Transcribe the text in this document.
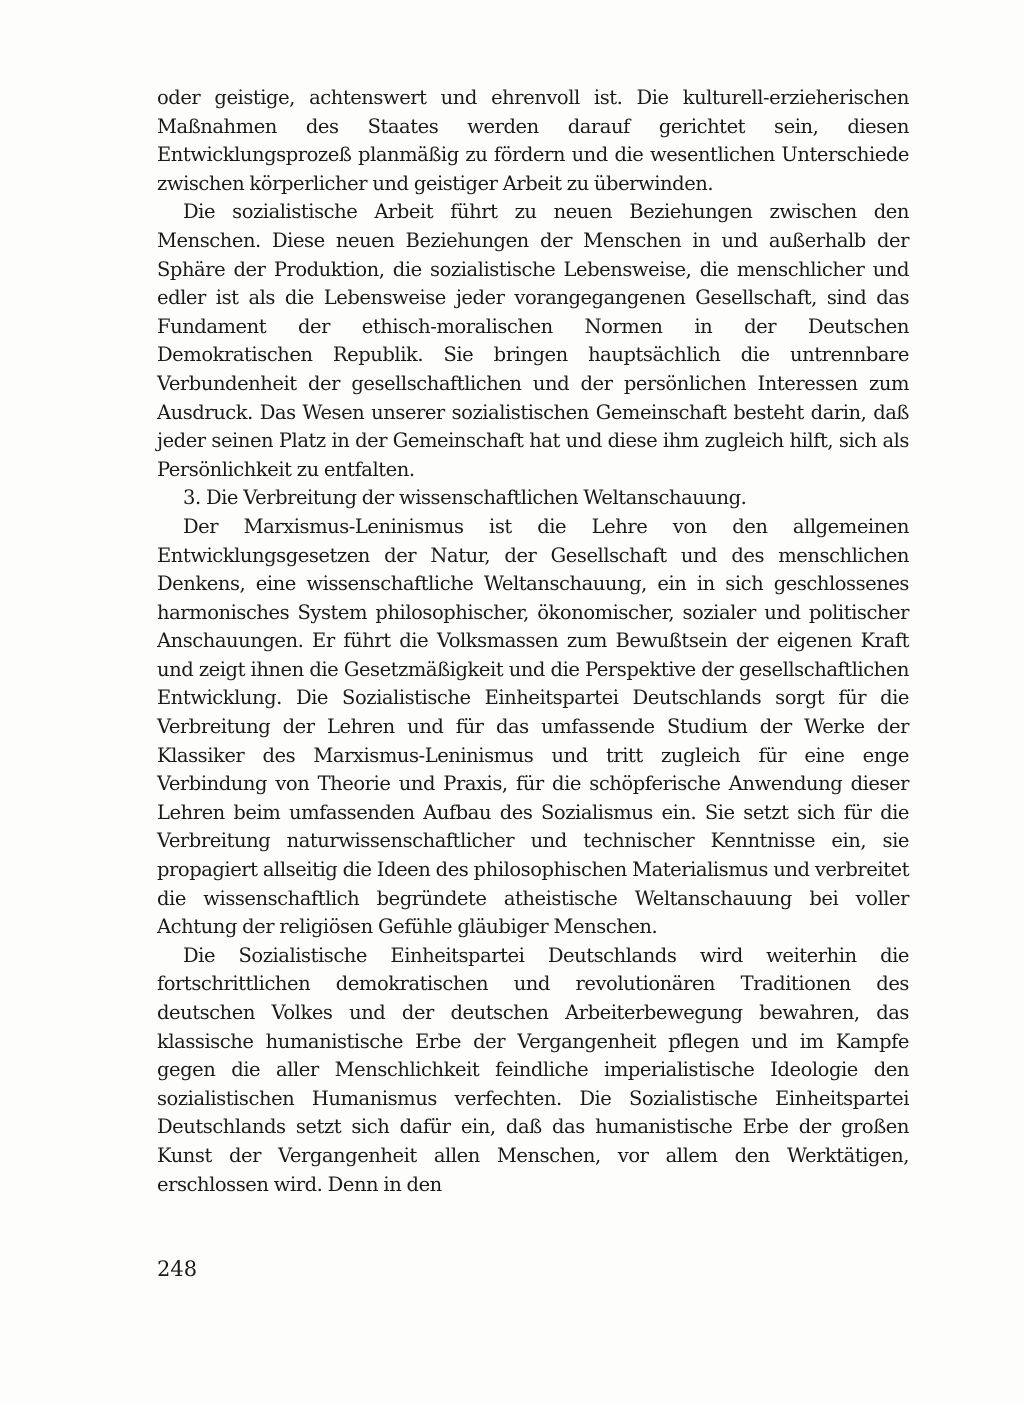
oder geistige, achtenswert und ehrenvoll ist. Die kulturell-erzieherischen Maßnahmen des Staates werden darauf gerichtet sein, diesen Entwicklungsprozeß planmäßig zu fördern und die wesentlichen Unterschiede zwischen körperlicher und geistiger Arbeit zu überwinden.

Die sozialistische Arbeit führt zu neuen Beziehungen zwischen den Menschen. Diese neuen Beziehungen der Menschen in und außerhalb der Sphäre der Produktion, die sozialistische Lebensweise, die menschlicher und edler ist als die Lebensweise jeder vorangegangenen Gesellschaft, sind das Fundament der ethisch-moralischen Normen in der Deutschen Demokratischen Republik. Sie bringen hauptsächlich die untrennbare Verbundenheit der gesellschaftlichen und der persönlichen Interessen zum Ausdruck. Das Wesen unserer sozialistischen Gemeinschaft besteht darin, daß jeder seinen Platz in der Gemeinschaft hat und diese ihm zugleich hilft, sich als Persönlichkeit zu entfalten.

3. Die Verbreitung der wissenschaftlichen Weltanschauung.

Der Marxismus-Leninismus ist die Lehre von den allgemeinen Entwicklungsgesetzen der Natur, der Gesellschaft und des menschlichen Denkens, eine wissenschaftliche Weltanschauung, ein in sich geschlossenes harmonisches System philosophischer, ökonomischer, sozialer und politischer Anschauungen. Er führt die Volksmassen zum Bewußtsein der eigenen Kraft und zeigt ihnen die Gesetzmäßigkeit und die Perspektive der gesellschaftlichen Entwicklung. Die Sozialistische Einheitspartei Deutschlands sorgt für die Verbreitung der Lehren und für das umfassende Studium der Werke der Klassiker des Marxismus-Leninismus und tritt zugleich für eine enge Verbindung von Theorie und Praxis, für die schöpferische Anwendung dieser Lehren beim umfassenden Aufbau des Sozialismus ein. Sie setzt sich für die Verbreitung naturwissenschaftlicher und technischer Kenntnisse ein, sie propagiert allseitig die Ideen des philosophischen Materialismus und verbreitet die wissenschaftlich begründete atheistische Weltanschauung bei voller Achtung der religiösen Gefühle gläubiger Menschen.

Die Sozialistische Einheitspartei Deutschlands wird weiterhin die fortschrittlichen demokratischen und revolutionären Traditionen des deutschen Volkes und der deutschen Arbeiterbewegung bewahren, das klassische humanistische Erbe der Vergangenheit pflegen und im Kampfe gegen die aller Menschlichkeit feindliche imperialistische Ideologie den sozialistischen Humanismus verfechten. Die Sozialistische Einheitspartei Deutschlands setzt sich dafür ein, daß das humanistische Erbe der großen Kunst der Vergangenheit allen Menschen, vor allem den Werktätigen, erschlossen wird. Denn in den

248
